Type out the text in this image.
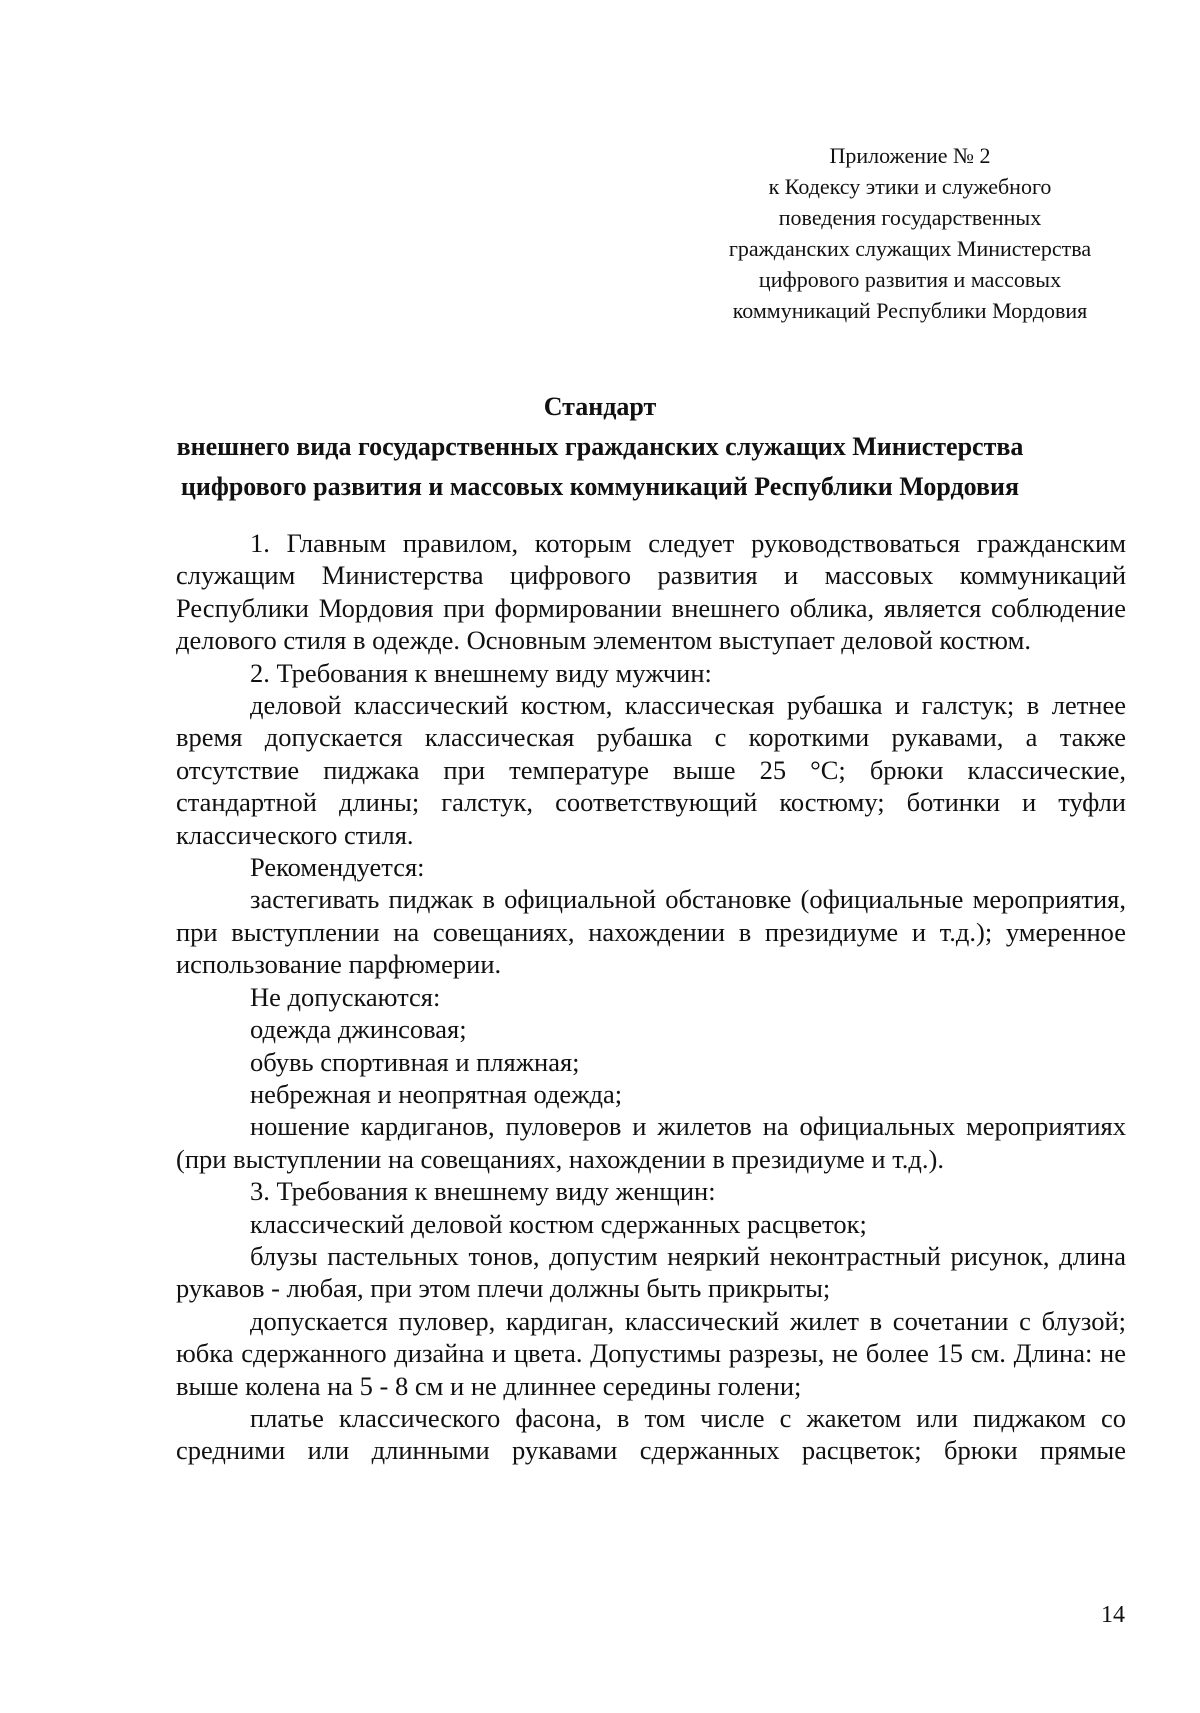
Приложение № 2
к Кодексу этики и служебного
поведения государственных
гражданских служащих Министерства
цифрового развития и массовых
коммуникаций Республики Мордовия
Стандарт
внешнего вида государственных гражданских служащих Министерства
цифрового развития и массовых коммуникаций Республики Мордовия

1. Главным правилом, которым следует руководствоваться гражданским служащим Министерства цифрового развития и массовых коммуникаций Республики Мордовия при формировании внешнего облика, является соблюдение делового стиля в одежде. Основным элементом выступает деловой костюм.

2. Требования к внешнему виду мужчин:

деловой классический костюм, классическая рубашка и галстук; в летнее время допускается классическая рубашка с короткими рукавами, а также отсутствие пиджака при температуре выше 25 °С; брюки классические, стандартной длины; галстук, соответствующий костюму; ботинки и туфли классического стиля.

Рекомендуется:

застегивать пиджак в официальной обстановке (официальные мероприятия, при выступлении на совещаниях, нахождении в президиуме и т.д.); умеренное использование парфюмерии.

Не допускаются:

одежда джинсовая;

обувь спортивная и пляжная;

небрежная и неопрятная одежда;

ношение кардиганов, пуловеров и жилетов на официальных мероприятиях (при выступлении на совещаниях, нахождении в президиуме и т.д.).

3. Требования к внешнему виду женщин:

классический деловой костюм сдержанных расцветок;

блузы пастельных тонов, допустим неяркий неконтрастный рисунок, длина рукавов - любая, при этом плечи должны быть прикрыты;

допускается пуловер, кардиган, классический жилет в сочетании с блузой; юбка сдержанного дизайна и цвета. Допустимы разрезы, не более 15 см. Длина: не выше колена на 5 - 8 см и не длиннее середины голени;

платье классического фасона, в том числе с жакетом или пиджаком со средними или длинными рукавами сдержанных расцветок; брюки прямые

14
